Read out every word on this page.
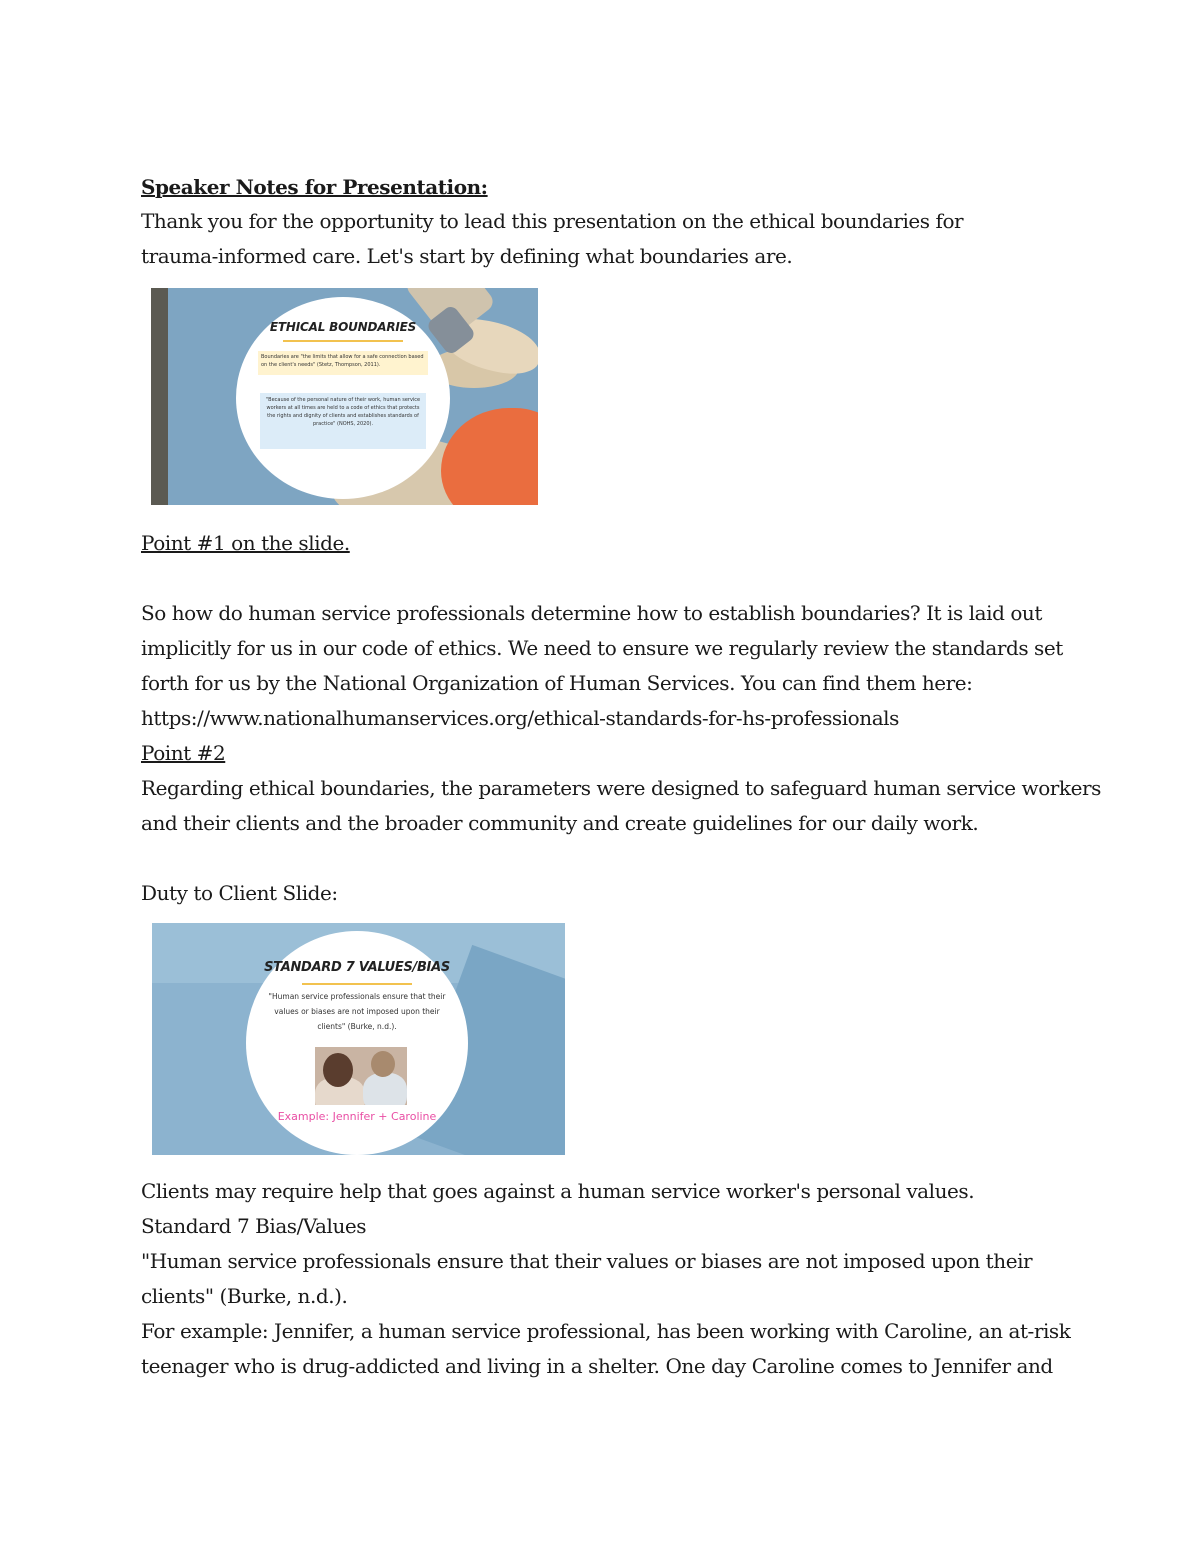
Speaker Notes for Presentation:
Thank you for the opportunity to lead this presentation on the ethical boundaries for
trauma-informed care. Let's start by defining what boundaries are.
ETHICAL BOUNDARIES
Boundaries are "the limits that allow for a safe connection based on the client's needs" (Stetz, Thompson, 2011).
"Because of the personal nature of their work, human service workers at all times are held to a code of ethics that protects the rights and dignity of clients and establishes standards of practice" (NOHS, 2020).
Point #1 on the slide.
So how do human service professionals determine how to establish boundaries? It is laid out
implicitly for us in our code of ethics. We need to ensure we regularly review the standards set
forth for us by the National Organization of Human Services. You can find them here:
https://www.nationalhumanservices.org/ethical-standards-for-hs-professionals
Point #2
Regarding ethical boundaries, the parameters were designed to safeguard human service workers
and their clients and the broader community and create guidelines for our daily work.
Duty to Client Slide:
STANDARD 7 VALUES/BIAS
"Human service professionals ensure that their values or biases are not imposed upon their clients" (Burke, n.d.).
Example: Jennifer + Caroline
Clients may require help that goes against a human service worker's personal values.
Standard 7 Bias/Values
"Human service professionals ensure that their values or biases are not imposed upon their
clients" (Burke, n.d.).
For example: Jennifer, a human service professional, has been working with Caroline, an at-risk
teenager who is drug-addicted and living in a shelter. One day Caroline comes to Jennifer and
